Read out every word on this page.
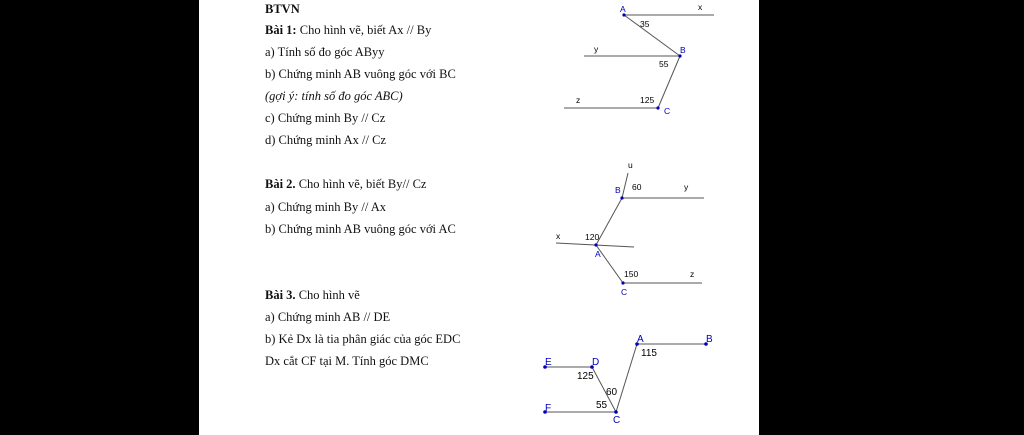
BTVN
Bài 1: Cho hình vẽ, biết Ax // By
a) Tính số đo góc AByy
b) Chứng minh AB vuông góc với BC
(gợi ý: tính số đo góc ABC)
c) Chứng minh By // Cz
d) Chứng minh Ax // Cz
Bài 2. Cho hình vẽ, biết By// Cz
a) Chứng minh By // Ax
b) Chứng minh AB vuông góc với AC
Bài 3. Cho hình vẽ
a) Chứng minh AB // DE
b) Kẻ Dx là tia phân giác của góc EDC
Dx cắt CF tại M. Tính góc DMC
A	x
35
y	B
55
z	125
C
u
B 60	y
x	120
A
150	z
C
A	B
115
E	D
125
60
55
F
C
